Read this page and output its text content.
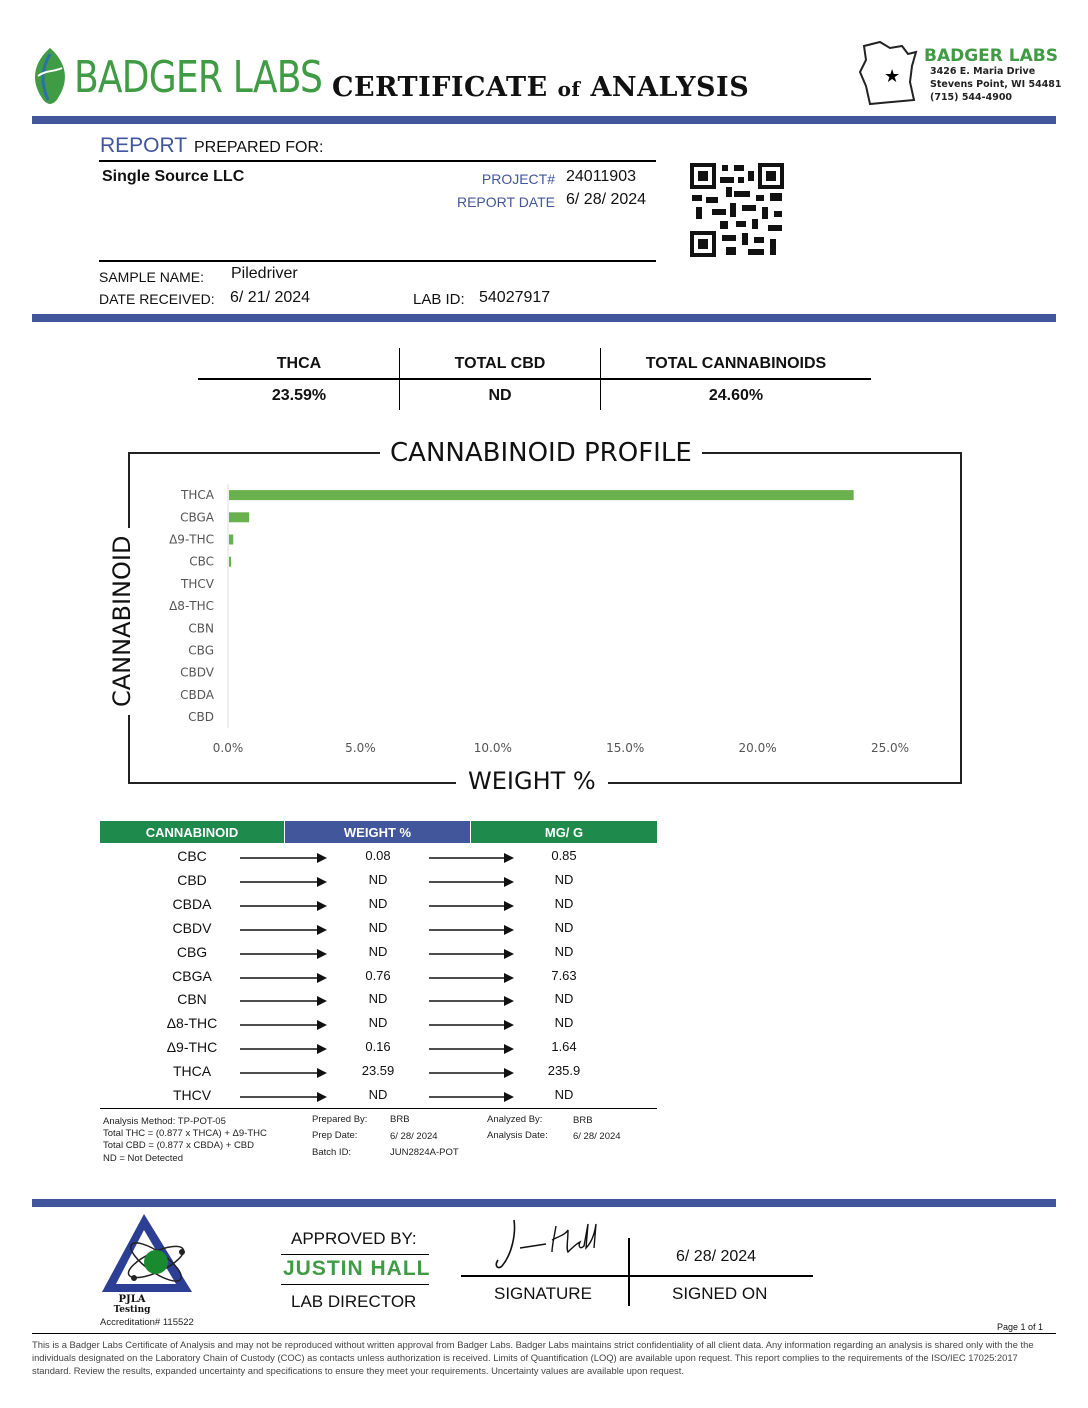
BADGER LABS CERTIFICATE of ANALYSIS	★
BADGER LABS
3426 E. Maria Drive
Stevens Point, WI 54481
(715) 544-4900
REPORT PREPARED FOR:
Single Source LLC	PROJECT# 24011903
REPORT DATE 6/ 28/ 2024
SAMPLE NAME: Piledriver
DATE RECEIVED: 6/ 21/ 2024	LAB ID: 54027917
THCA	TOTAL CBD	TOTAL CANNABINOIDS
23.59%	ND	24.60%
CANNABINOID PROFILE
WEIGHT %
CANNABINOID
THCA
CBGA
Δ9-THC
CBC
THCV
Δ8-THC
CBN
CBG
CBDV
CBDA
CBD
0.0%	5.0%	10.0%	15.0%	20.0%	25.0%
CANNABINOID	WEIGHT %	MG/ G
CBC	0.08	0.85
CBD	ND	ND
CBDA	ND	ND
CBDV	ND	ND
CBG	ND	ND
CBGA	0.76	7.63
CBN	ND	ND
Δ8-THC	ND	ND
Δ9-THC	0.16	1.64
THCA	23.59	235.9
THCV	ND	ND
Analysis Method: TP-POT-05
Total THC = (0.877 x THCA) + Δ9-THC
Total CBD = (0.877 x CBDA) + CBD
ND = Not Detected
Prepared By: BRB
Prep Date:	6/ 28/ 2024
Batch ID:	JUN2824A-POT
Analyzed By:	BRB
Analysis Date:	6/ 28/ 2024
PJLA
Testing
Accreditation# 115522
APPROVED BY:
JUSTIN HALL
LAB DIRECTOR
6/ 28/ 2024
SIGNATURE	SIGNED ON
Page 1 of 1
This is a Badger Labs Certificate of Analysis and may not be reproduced without written approval from Badger Labs. Badger Labs maintains strict confidentiality of all client data. Any information regarding an analysis is shared only with the the individuals designated on the Laboratory Chain of Custody (COC) as contacts unless authorization is received. Limits of Quantification (LOQ) are available upon request. This report complies to the requirements of the ISO/IEC 17025:2017 standard. Review the results, expanded uncertainty and specifications to ensure they meet your requirements. Uncertainty values are available upon request.
